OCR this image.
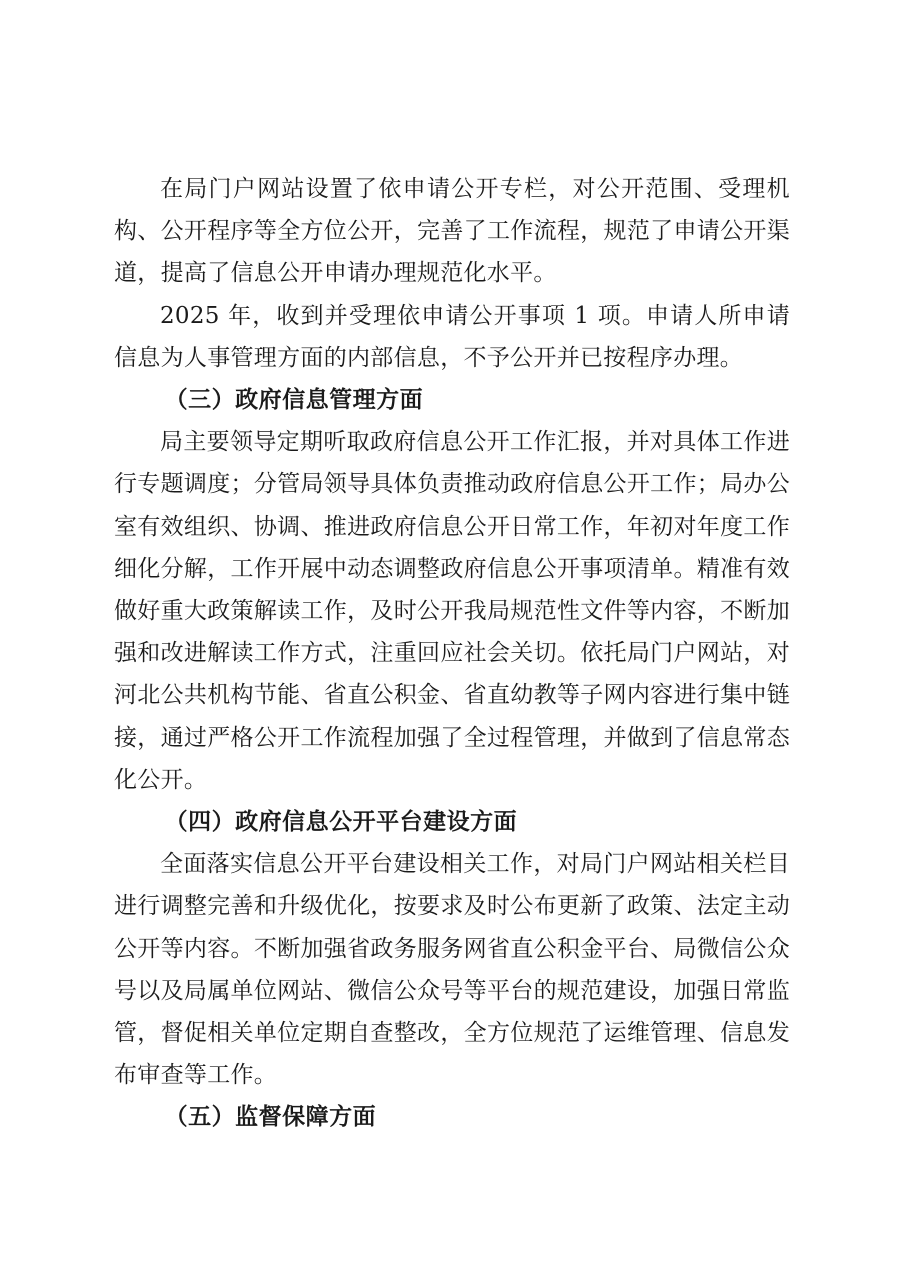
在局门户网站设置了依申请公开专栏，对公开范围、受理机构、公开程序等全方位公开，完善了工作流程，规范了申请公开渠道，提高了信息公开申请办理规范化水平。

2025 年，收到并受理依申请公开事项 1 项。申请人所申请信息为人事管理方面的内部信息，不予公开并已按程序办理。

（三）政府信息管理方面

局主要领导定期听取政府信息公开工作汇报，并对具体工作进行专题调度；分管局领导具体负责推动政府信息公开工作；局办公室有效组织、协调、推进政府信息公开日常工作，年初对年度工作细化分解，工作开展中动态调整政府信息公开事项清单。精准有效做好重大政策解读工作，及时公开我局规范性文件等内容，不断加强和改进解读工作方式，注重回应社会关切。依托局门户网站，对河北公共机构节能、省直公积金、省直幼教等子网内容进行集中链接，通过严格公开工作流程加强了全过程管理，并做到了信息常态化公开。

（四）政府信息公开平台建设方面

全面落实信息公开平台建设相关工作，对局门户网站相关栏目进行调整完善和升级优化，按要求及时公布更新了政策、法定主动公开等内容。不断加强省政务服务网省直公积金平台、局微信公众号以及局属单位网站、微信公众号等平台的规范建设，加强日常监管，督促相关单位定期自查整改，全方位规范了运维管理、信息发布审查等工作。

（五）监督保障方面
